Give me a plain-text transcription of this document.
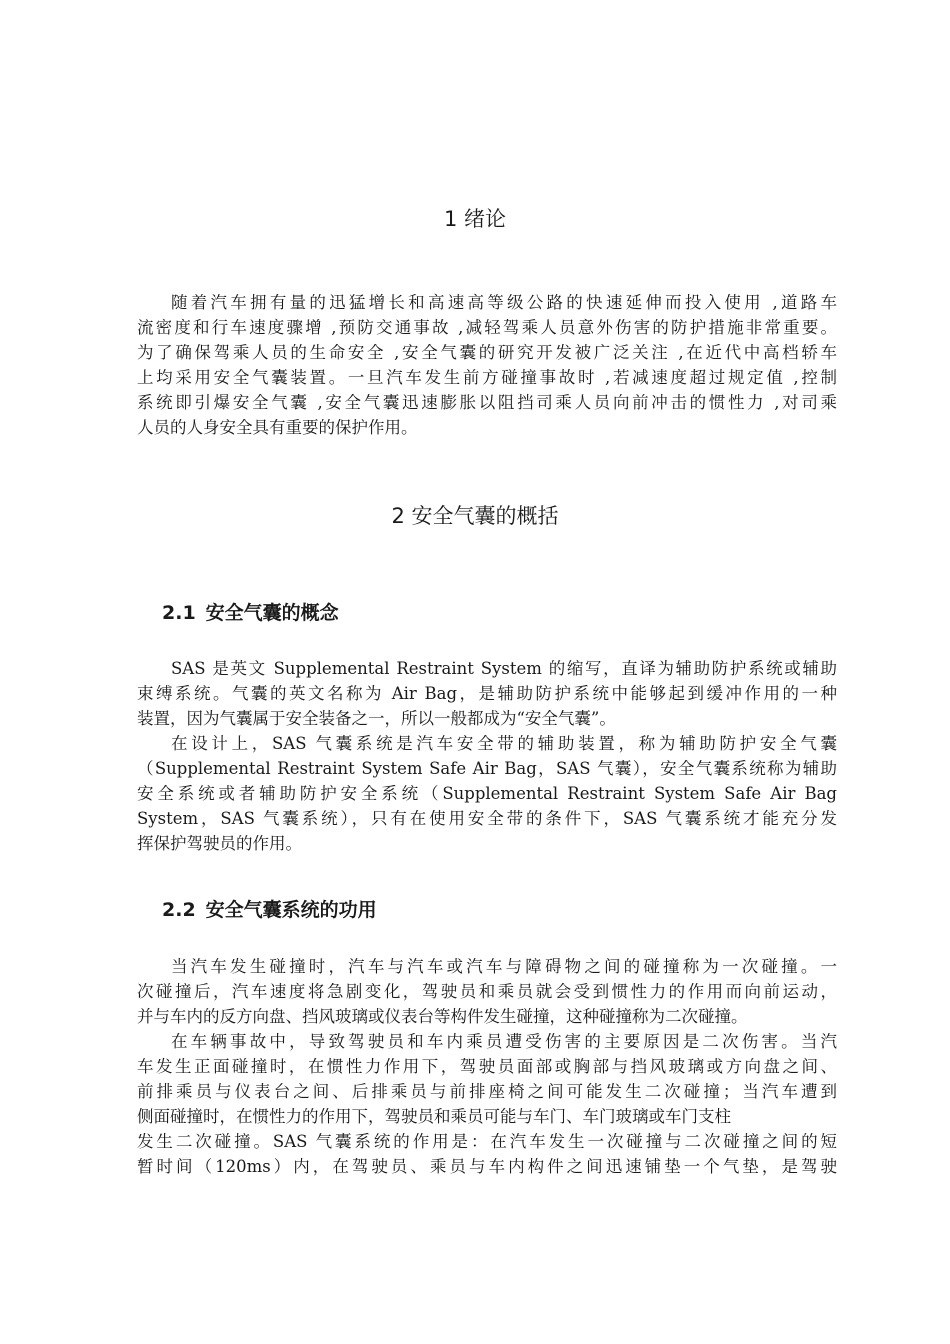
1 绪论
随着汽车拥有量的迅猛增长和高速高等级公路的快速延伸而投入使用 ,道路车
流密度和行车速度骤增 ,预防交通事故 ,减轻驾乘人员意外伤害的防护措施非常重要。
为了确保驾乘人员的生命安全 ,安全气囊的研究开发被广泛关注 ,在近代中高档轿车
上均采用安全气囊装置。一旦汽车发生前方碰撞事故时 ,若减速度超过规定值 ,控制
系统即引爆安全气囊 ,安全气囊迅速膨胀以阻挡司乘人员向前冲击的惯性力 ,对司乘
人员的人身安全具有重要的保护作用。
2 安全气囊的概括
2.1 安全气囊的概念
SAS 是英文 Supplemental Restraint System 的缩写，直译为辅助防护系统或辅助
束缚系统。气囊的英文名称为 Air Bag，是辅助防护系统中能够起到缓冲作用的一种
装置，因为气囊属于安全装备之一，所以一般都成为“安全气囊”。
在设计上，SAS 气囊系统是汽车安全带的辅助装置，称为辅助防护安全气囊
（Supplemental Restraint System Safe Air Bag，SAS 气囊），安全气囊系统称为辅助
安全系统或者辅助防护安全系统（Supplemental Restraint System Safe Air Bag
System，SAS 气囊系统），只有在使用安全带的条件下，SAS 气囊系统才能充分发
挥保护驾驶员的作用。
2.2 安全气囊系统的功用
当汽车发生碰撞时，汽车与汽车或汽车与障碍物之间的碰撞称为一次碰撞。一
次碰撞后，汽车速度将急剧变化，驾驶员和乘员就会受到惯性力的作用而向前运动，
并与车内的反方向盘、挡风玻璃或仪表台等构件发生碰撞，这种碰撞称为二次碰撞。
在车辆事故中，导致驾驶员和车内乘员遭受伤害的主要原因是二次伤害。当汽
车发生正面碰撞时，在惯性力作用下，驾驶员面部或胸部与挡风玻璃或方向盘之间、
前排乘员与仪表台之间、后排乘员与前排座椅之间可能发生二次碰撞；当汽车遭到
侧面碰撞时，在惯性力的作用下，驾驶员和乘员可能与车门、车门玻璃或车门支柱
发生二次碰撞。SAS 气囊系统的作用是：在汽车发生一次碰撞与二次碰撞之间的短
暂时间（120ms）内，在驾驶员、乘员与车内构件之间迅速铺垫一个气垫，是驾驶
